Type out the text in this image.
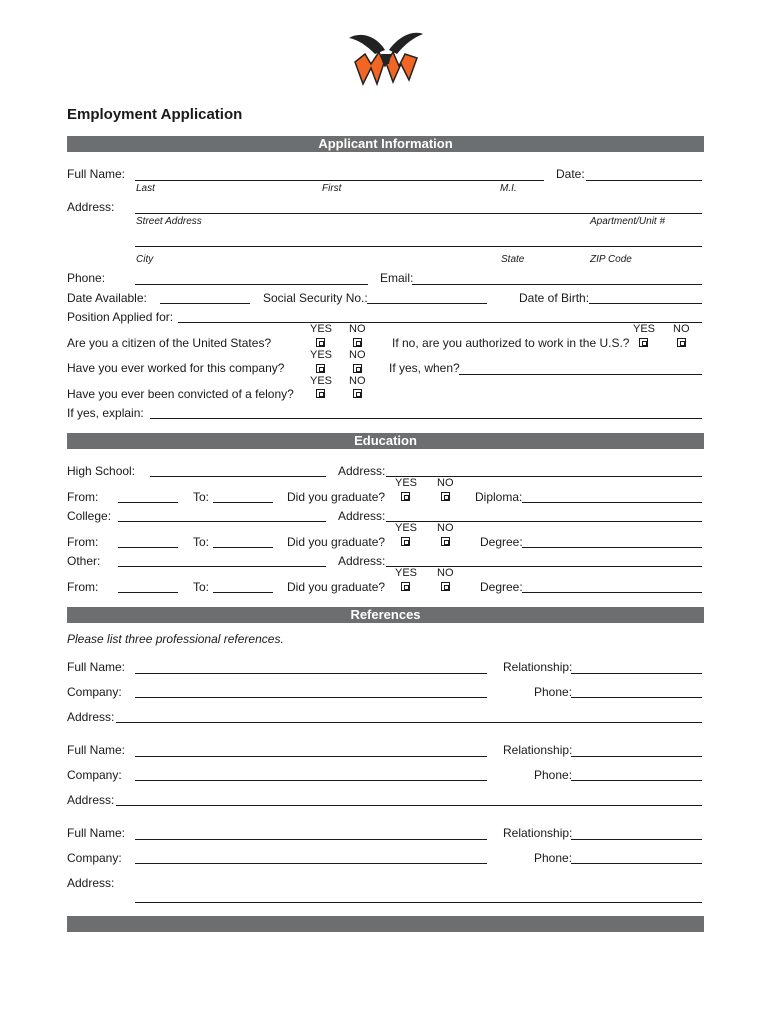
Employment Application
Applicant Information
Full Name:	Date:
Last	First	M.I.
Address:
Street Address	Apartment/Unit #
City	State	ZIP Code
Phone:	Email:
Date Available:	Social Security No.:	Date of Birth:
Position Applied for:
YES NO
Are you a citizen of the United States?
YES NO
If no, are you authorized to work in the U.S.?
YES NO
Have you ever worked for this company?	If yes, when?
YES NO
Have you ever been convicted of a felony?
If yes, explain:
Education
High School:	Address:
YES NO
From:	To:	Did you graduate?	Diploma:
College:	Address:
YES NO
From:	To:	Did you graduate?	Degree:
Other:	Address:
YES NO
From:	To:	Did you graduate?	Degree:
References
Please list three professional references.
Full Name:	Relationship:
Company:	Phone:
Address:
Full Name:	Relationship:
Company:	Phone:
Address:
Full Name:	Relationship:
Company:	Phone:
Address:
